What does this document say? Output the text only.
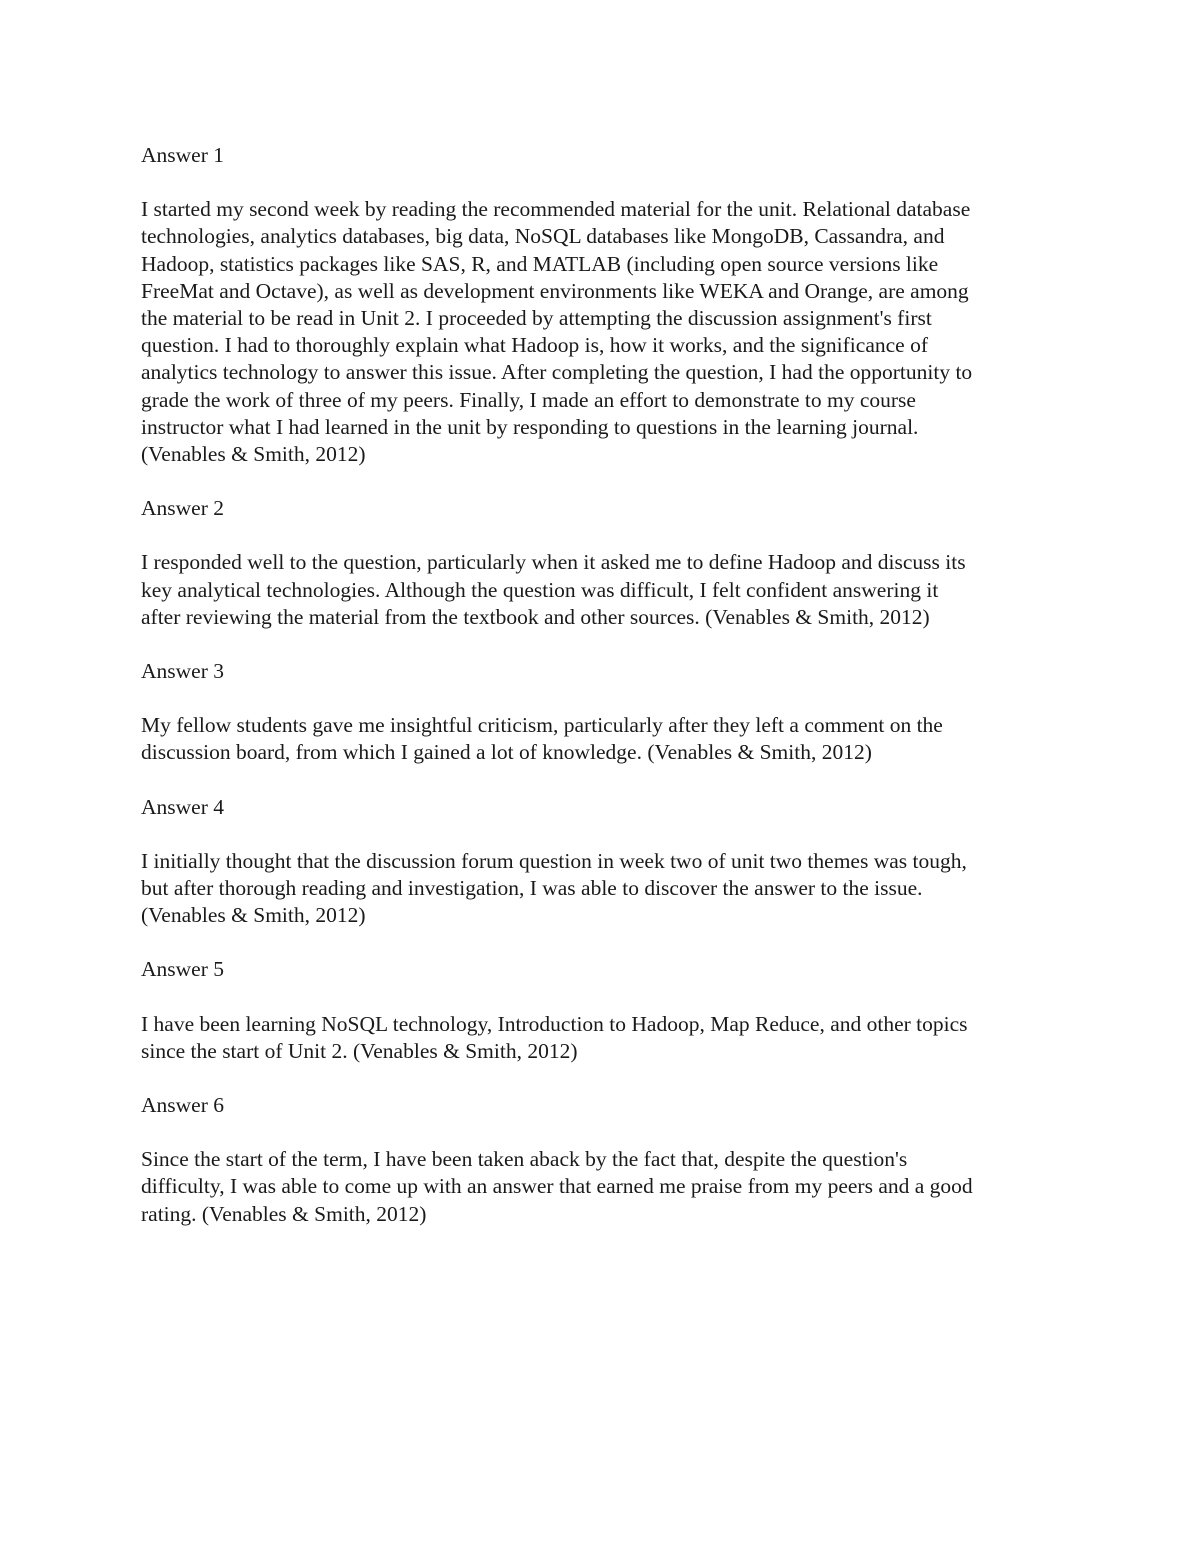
Answer 1

I started my second week by reading the recommended material for the unit. Relational database
technologies, analytics databases, big data, NoSQL databases like MongoDB, Cassandra, and
Hadoop, statistics packages like SAS, R, and MATLAB (including open source versions like
FreeMat and Octave), as well as development environments like WEKA and Orange, are among
the material to be read in Unit 2. I proceeded by attempting the discussion assignment's first
question. I had to thoroughly explain what Hadoop is, how it works, and the significance of
analytics technology to answer this issue. After completing the question, I had the opportunity to
grade the work of three of my peers. Finally, I made an effort to demonstrate to my course
instructor what I had learned in the unit by responding to questions in the learning journal.
(Venables & Smith, 2012)

Answer 2

I responded well to the question, particularly when it asked me to define Hadoop and discuss its
key analytical technologies. Although the question was difficult, I felt confident answering it
after reviewing the material from the textbook and other sources. (Venables & Smith, 2012)

Answer 3

My fellow students gave me insightful criticism, particularly after they left a comment on the
discussion board, from which I gained a lot of knowledge. (Venables & Smith, 2012)

Answer 4

I initially thought that the discussion forum question in week two of unit two themes was tough,
but after thorough reading and investigation, I was able to discover the answer to the issue.
(Venables & Smith, 2012)

Answer 5

I have been learning NoSQL technology, Introduction to Hadoop, Map Reduce, and other topics
since the start of Unit 2. (Venables & Smith, 2012)

Answer 6

Since the start of the term, I have been taken aback by the fact that, despite the question's
difficulty, I was able to come up with an answer that earned me praise from my peers and a good
rating. (Venables & Smith, 2012)
